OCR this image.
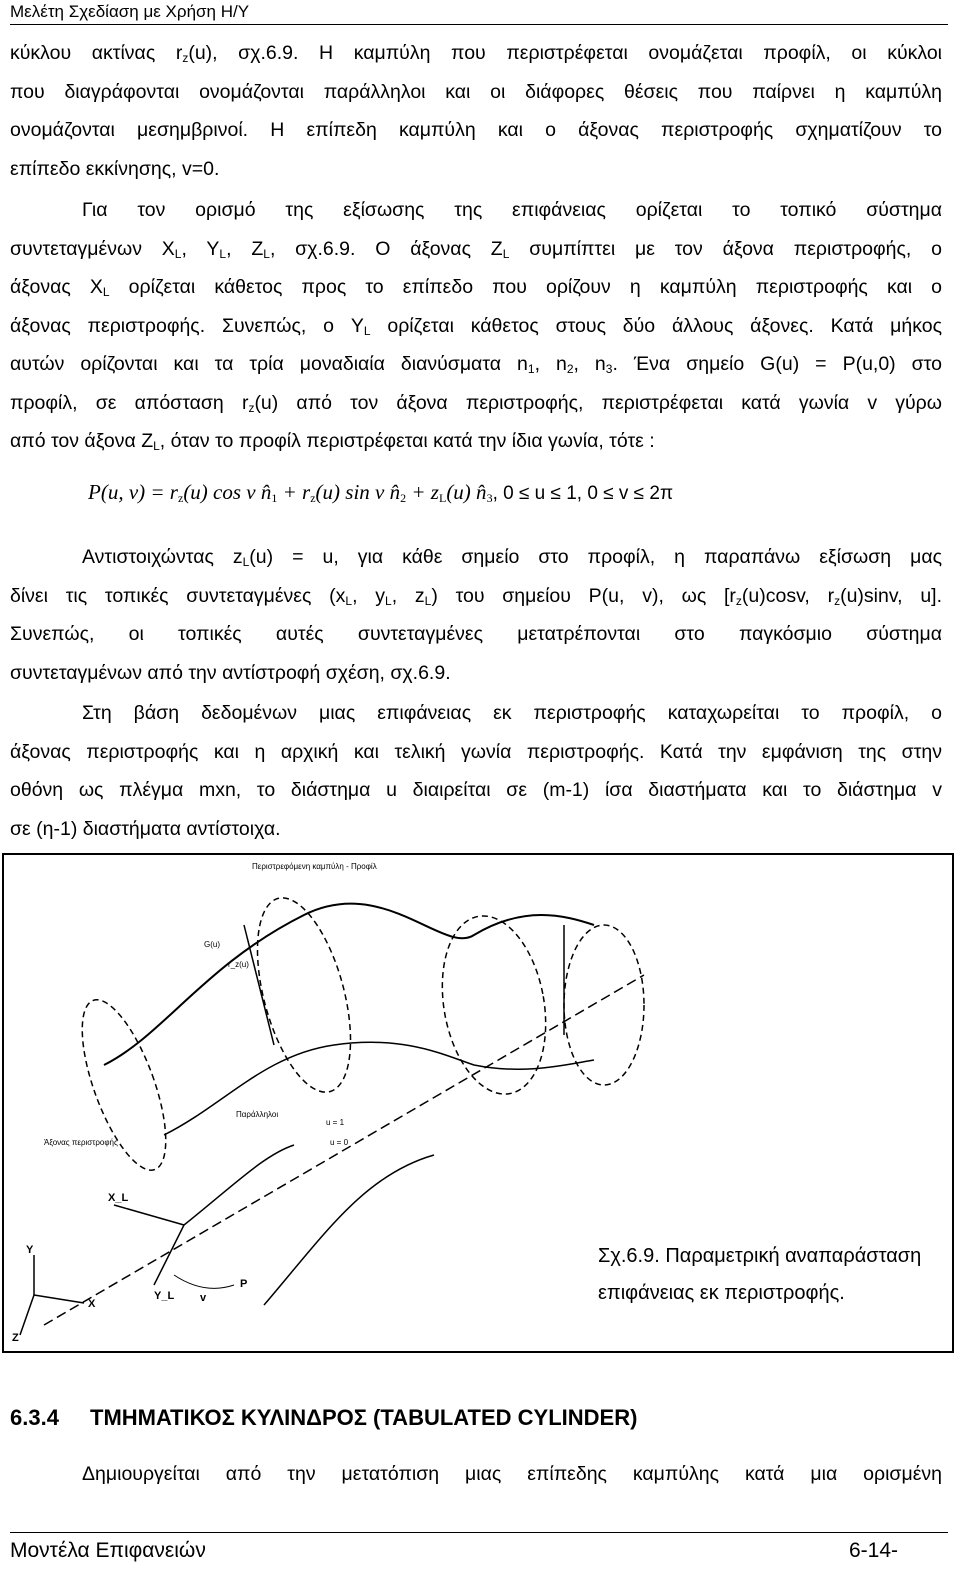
Μελέτη Σχεδίαση με Χρήση Η/Υ
κύκλου ακτίνας $r_z(u)$, σχ.6.9. Η καμπύλη που περιστρέφεται ονομάζεται προφίλ, οι κύκλοι
που διαγράφονται ονομάζονται παράλληλοι και οι διάφορες θέσεις που παίρνει η καμπύλη
ονομάζονται μεσημβρινοί. Η επίπεδη καμπύλη και ο άξονας περιστροφής σχηματίζουν το
επίπεδο εκκίνησης, v=0.
Για τον ορισμό της εξίσωσης της επιφάνειας ορίζεται το τοπικό σύστημα
συντεταγμένων $X_L$, $Y_L$, $Z_L$, σχ.6.9. Ο άξονας $Z_L$ συμπίπτει με τον άξονα περιστροφής, ο
άξονας $X_L$ ορίζεται κάθετος προς το επίπεδο που ορίζουν η καμπύλη περιστροφής και ο
άξονας περιστροφής. Συνεπώς, ο $Y_L$ ορίζεται κάθετος στους δύο άλλους άξονες. Κατά μήκος
αυτών ορίζονται και τα τρία μοναδιαία διανύσματα $n_1$, $n_2$, $n_3$. Ένα σημείο G(u) = P(u,0) στο
προφίλ, σε απόσταση $r_z(u)$ από τον άξονα περιστροφής, περιστρέφεται κατά γωνία v γύρω
από τον άξονα $Z_L$, όταν το προφίλ περιστρέφεται κατά την ίδια γωνία, τότε :
P(u, $v) = r_z(u)$ cos v $n̂_1 + r_z(u)$ sin v $n̂_2 + z_L(u)$ $n̂_3$, 0 ≤ u ≤ 1, 0 ≤ v ≤ 2π
Αντιστοιχώντας $z_L(u) = u$, για κάθε σημείο στο προφίλ, η παραπάνω εξίσωση μας
δίνει τις τοπικές συντεταγμένες ($x_L$, $y_L$, $z_L$) του σημείου P(u, v), ως [$r_z(u)\cos v$, $r_z(u)\sin v$, u].
Συνεπώς, οι τοπικές αυτές συντεταγμένες μετατρέπονται στο παγκόσμιο σύστημα
συντεταγμένων από την αντίστροφή σχέση, σχ.6.9.
Στη βάση δεδομένων μιας επιφάνειας εκ περιστροφής καταχωρείται το προφίλ, ο
άξονας περιστροφής και η αρχική και τελική γωνία περιστροφής. Κατά την εμφάνιση της στην
οθόνη ως πλέγμα mxn, το διάστημα u διαιρείται σε (m-1) ίσα διαστήματα και το διάστημα v
σε (η-1) διαστήματα αντίστοιχα.
Περιστρεφόμενη καμπύλη - Προφίλ
Παράλληλοι
Άξονας περιστροφής
G(u)
r_z(u)
u = 1
u = 0
X_L
Y_L
P
v
Y
X
Z
Σχ.6.9. Παραμετρική αναπαράσταση
επιφάνειας εκ περιστροφής.
6.3.4 ΤΜΗΜΑΤΙΚΟΣ ΚΥΛΙΝΔΡΟΣ (TABULATED CYLINDER)
Δημιουργείται από την μετατόπιση μιας επίπεδης καμπύλης κατά μια ορισμένη
Μοντέλα Επιφανειών	6-14-
